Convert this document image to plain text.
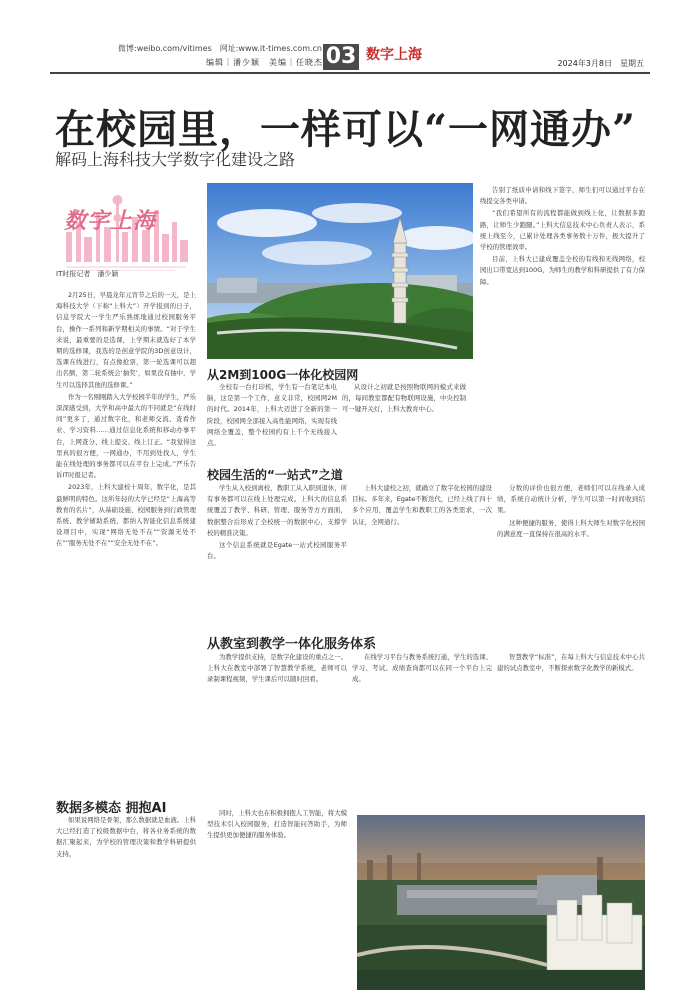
微博:weibo.com/vitimes　网址:www.it-times.com.cn
编辑｜潘少颖　美编｜任晓杰 03 数字上海
2024年3月8日　星期五
在校园里，一样可以“一网通办”
解码上海科技大学数字化建设之路
数字上海
IT时报记者　潘少颖

2月25日，早晨龙年元宵节之后的一天，是上海科技大学（下称“上科大”）开学报到的日子，信息学院大一学生严乐熟练地通过校园服务平台，操作一系列和新学期相关的事情。“对于学生来说，最重要的是选课，上学期末就选好了本学期的选修课，我选的是创意学院的3D创意设计，选课在线进行，有点像抢票，第一轮选课可以超出名额，第二轮系统会‘抽奖’，如果没有抽中，学生可以选择其他的选修课。”

作为一名刚刚踏入大学校园半年的学生，严乐深深感受到，大学和高中最大的不同就是“在线时间”更多了，通过数字化，和老师交流、查看作业、学习资料……通过信息化系统和移动办事平台，上网查分、线上提交、线上订正。“我觉得这里真的很方便，一网通办，不用到处找人，学生能在线处理的事务都可以在平台上完成。”严乐告诉IT时报记者。

2023年，上科大建校十周年，数字化，是其最鲜明的特色。这所年轻的大学已经是“上海高等教育的名片”，从基础设施、校园服务到行政管理系统、教学辅助系统、都纳入智能化信息系统建设项目中，实现“网络无处不在”“资源无处不在”“服务无处不在”“安全无处不在”。

从2M到100G一体化校园网

全校有一台打印机，学生有一台笔记本电脑，这是第一个工作，意义非常，校园网2M的时代。2014年，上科大迈进了全新的第一阶段，校园网全部接入高性能网络，实现有线网络全覆盖，整个校园约有上千个无线接入点。

从设计之初就是按照物联网的模式来做的，每间教室都配有物联网设施，中央控制可一键开关灯，上科大教育中心。

告别了纸质申请和线下签字，师生们可以通过平台在线提交各类申请。

“我们希望所有的流程都能做到线上化，让数据多跑路，让师生少跑腿。”上科大信息技术中心负责人表示，系统上线至今，已累计处理各类事务数十万件，极大提升了学校的管理效率。

目前，上科大已建成覆盖全校的有线和无线网络，校园出口带宽达到100G，为师生的教学和科研提供了有力保障。

校园生活的“一站式”之道

学生从入校到离校，教职工从入职到退休，所有事务都可以在线上处理完成。上科大的信息系统覆盖了教学、科研、管理、服务等方方面面，数据整合后形成了全校统一的数据中心，支撑学校的精准决策。

这个信息系统就是Egate一站式校园服务平台。

上科大建校之初，就确立了数字化校园的建设目标。多年来，Egate不断迭代，已经上线了四十多个应用，覆盖学生和教职工的各类需求，一次认证，全网通行。

分数的评价也很方便，老师们可以在线录入成绩，系统自动统计分析，学生可以第一时间收到结果。

这种便捷的服务，使得上科大师生对数字化校园的满意度一直保持在很高的水平。

从教室到教学一体化服务体系

为教学提供支持，是数字化建设的重点之一。上科大在教室中部署了智慧教学系统，老师可以录制课程视频，学生课后可以随时回看。

在线学习平台与教务系统打通，学生的选课、学习、考试、成绩查询都可以在同一个平台上完成。

智慧教学“标准”，在每上科大与信息技术中心共建的试点教室中，不断探索数字化教学的新模式。

数据多模态 拥抱AI

如果说网络是骨架，那么数据就是血液。上科大已经打造了校级数据中台，将各业务系统的数据汇聚起来，为学校的管理决策和教学科研提供支持。

同时，上科大也在积极拥抱人工智能，将大模型技术引入校园服务，打造智能问答助手，为师生提供更加便捷的服务体验。
